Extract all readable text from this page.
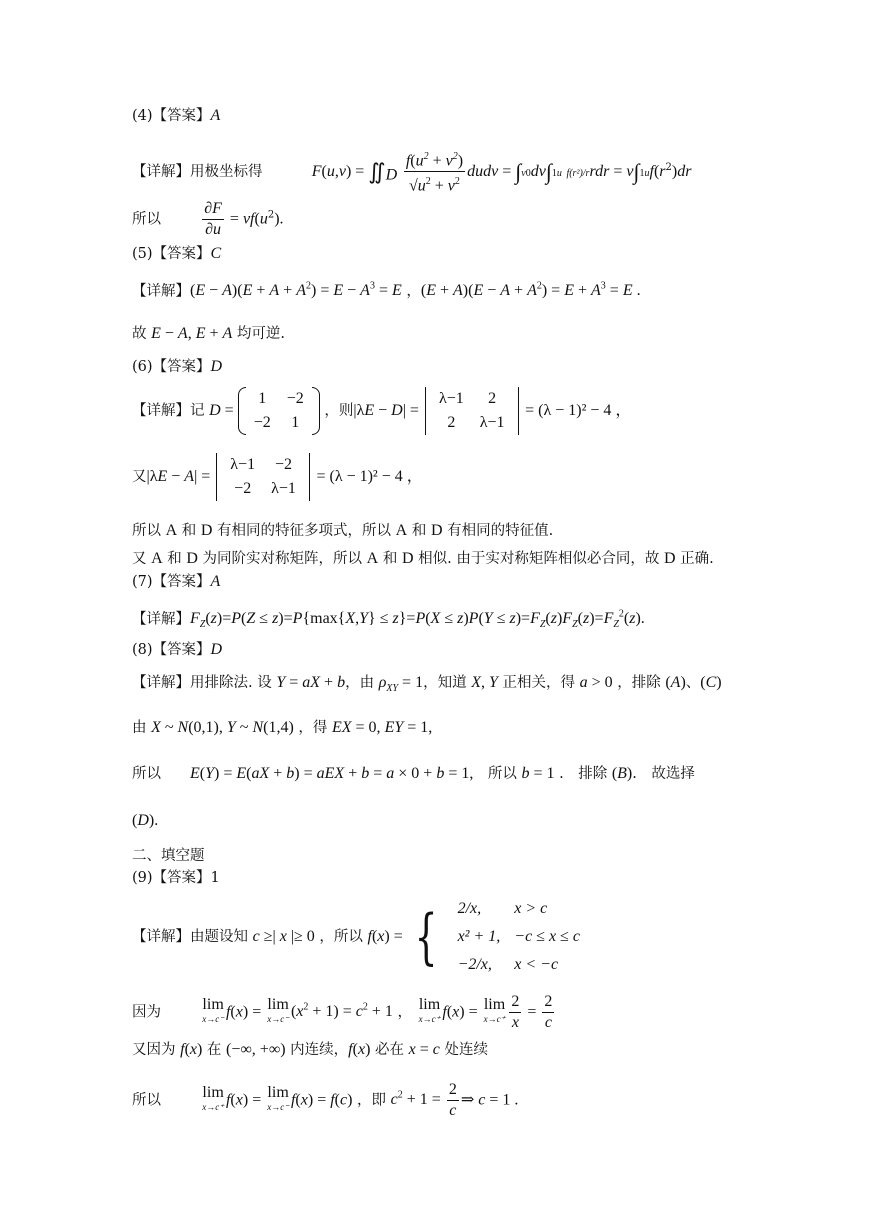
(4)【答案】A
【详解】用极坐标得	$F(u,v) = ∬_D \frac{f(u^2 + v^2)}{√u^2 + v^2}$ dudv = ∫v0dv∫1u f(r²)/rrdr = $v\int 1uf(r^2)dr$
所以	$\frac{\partial F}{\partial u} = vf(u^2)$.
(5)【答案】C
【详解】$(E - A)(E + A + A^2) = E - A^3 = E$ ，$(E + A)(E - A + A^2) = E + A^3 = E$ .
故 E − A, E + A 均可逆.
(6)【答案】D
【详解】记 D =
1	−2
−2	1
，则|λE − D| =
λ−1	2
2	λ−1
= (λ − 1)² − 4 ，
又|λE − A| =
λ−1	−2
−2	λ−1
= (λ − 1)² − 4 ，
所以 A 和 D 有相同的特征多项式，所以 A 和 D 有相同的特征值.
又 A 和 D 为同阶实对称矩阵，所以 A 和 D 相似. 由于实对称矩阵相似必合同，故 D 正确.
(7)【答案】A
【详解】$F_Z(z)=P(Z \le z)=P\{\max\{X,Y\} \le z\}=P(X \le z)P(Y \le z)=F_Z(z)F_Z(z)=F_Z^2(z)$.
(8)【答案】D
【详解】用排除法. 设 Y = aX + b，由 $\rho_{XY} = 1$，知道 X, Y 正相关，得 a > 0 ，排除 (A)、(C)
由 X ~ N(0,1), Y ~ N(1,4) ，得 EX = 0, EY = 1,
所以　　E(Y) = E(aX + b) = aEX + b = a × 0 + b = 1,　所以 b = 1 .　排除 (B).　故选择
(D).
二、填空题
(9)【答案】1
【详解】由题设知 c ≥| x |≥ 0 ，所以 f(x) = { 2/x,	x > c
x² + 1,	−c ≤ x ≤ c
−2/x,	x < −c
因为	lim
x→c⁻ f(x) = lim
x→c⁻ $(x^2 + 1) = c^2 + 1$ ， lim
x→c⁺ f(x) = lim
$x\to c^+ \frac{2}{x} = \frac{2}{c}$
又因为 f(x) 在 (−∞, +∞) 内连续，f(x) 必在 x = c 处连续
所以	lim
x→c⁺ f(x) = lim
x→c⁻ f(x) = f(c) ，即 $c^2 + 1 = \frac{2}{c}$ ⇒ c = 1 .
